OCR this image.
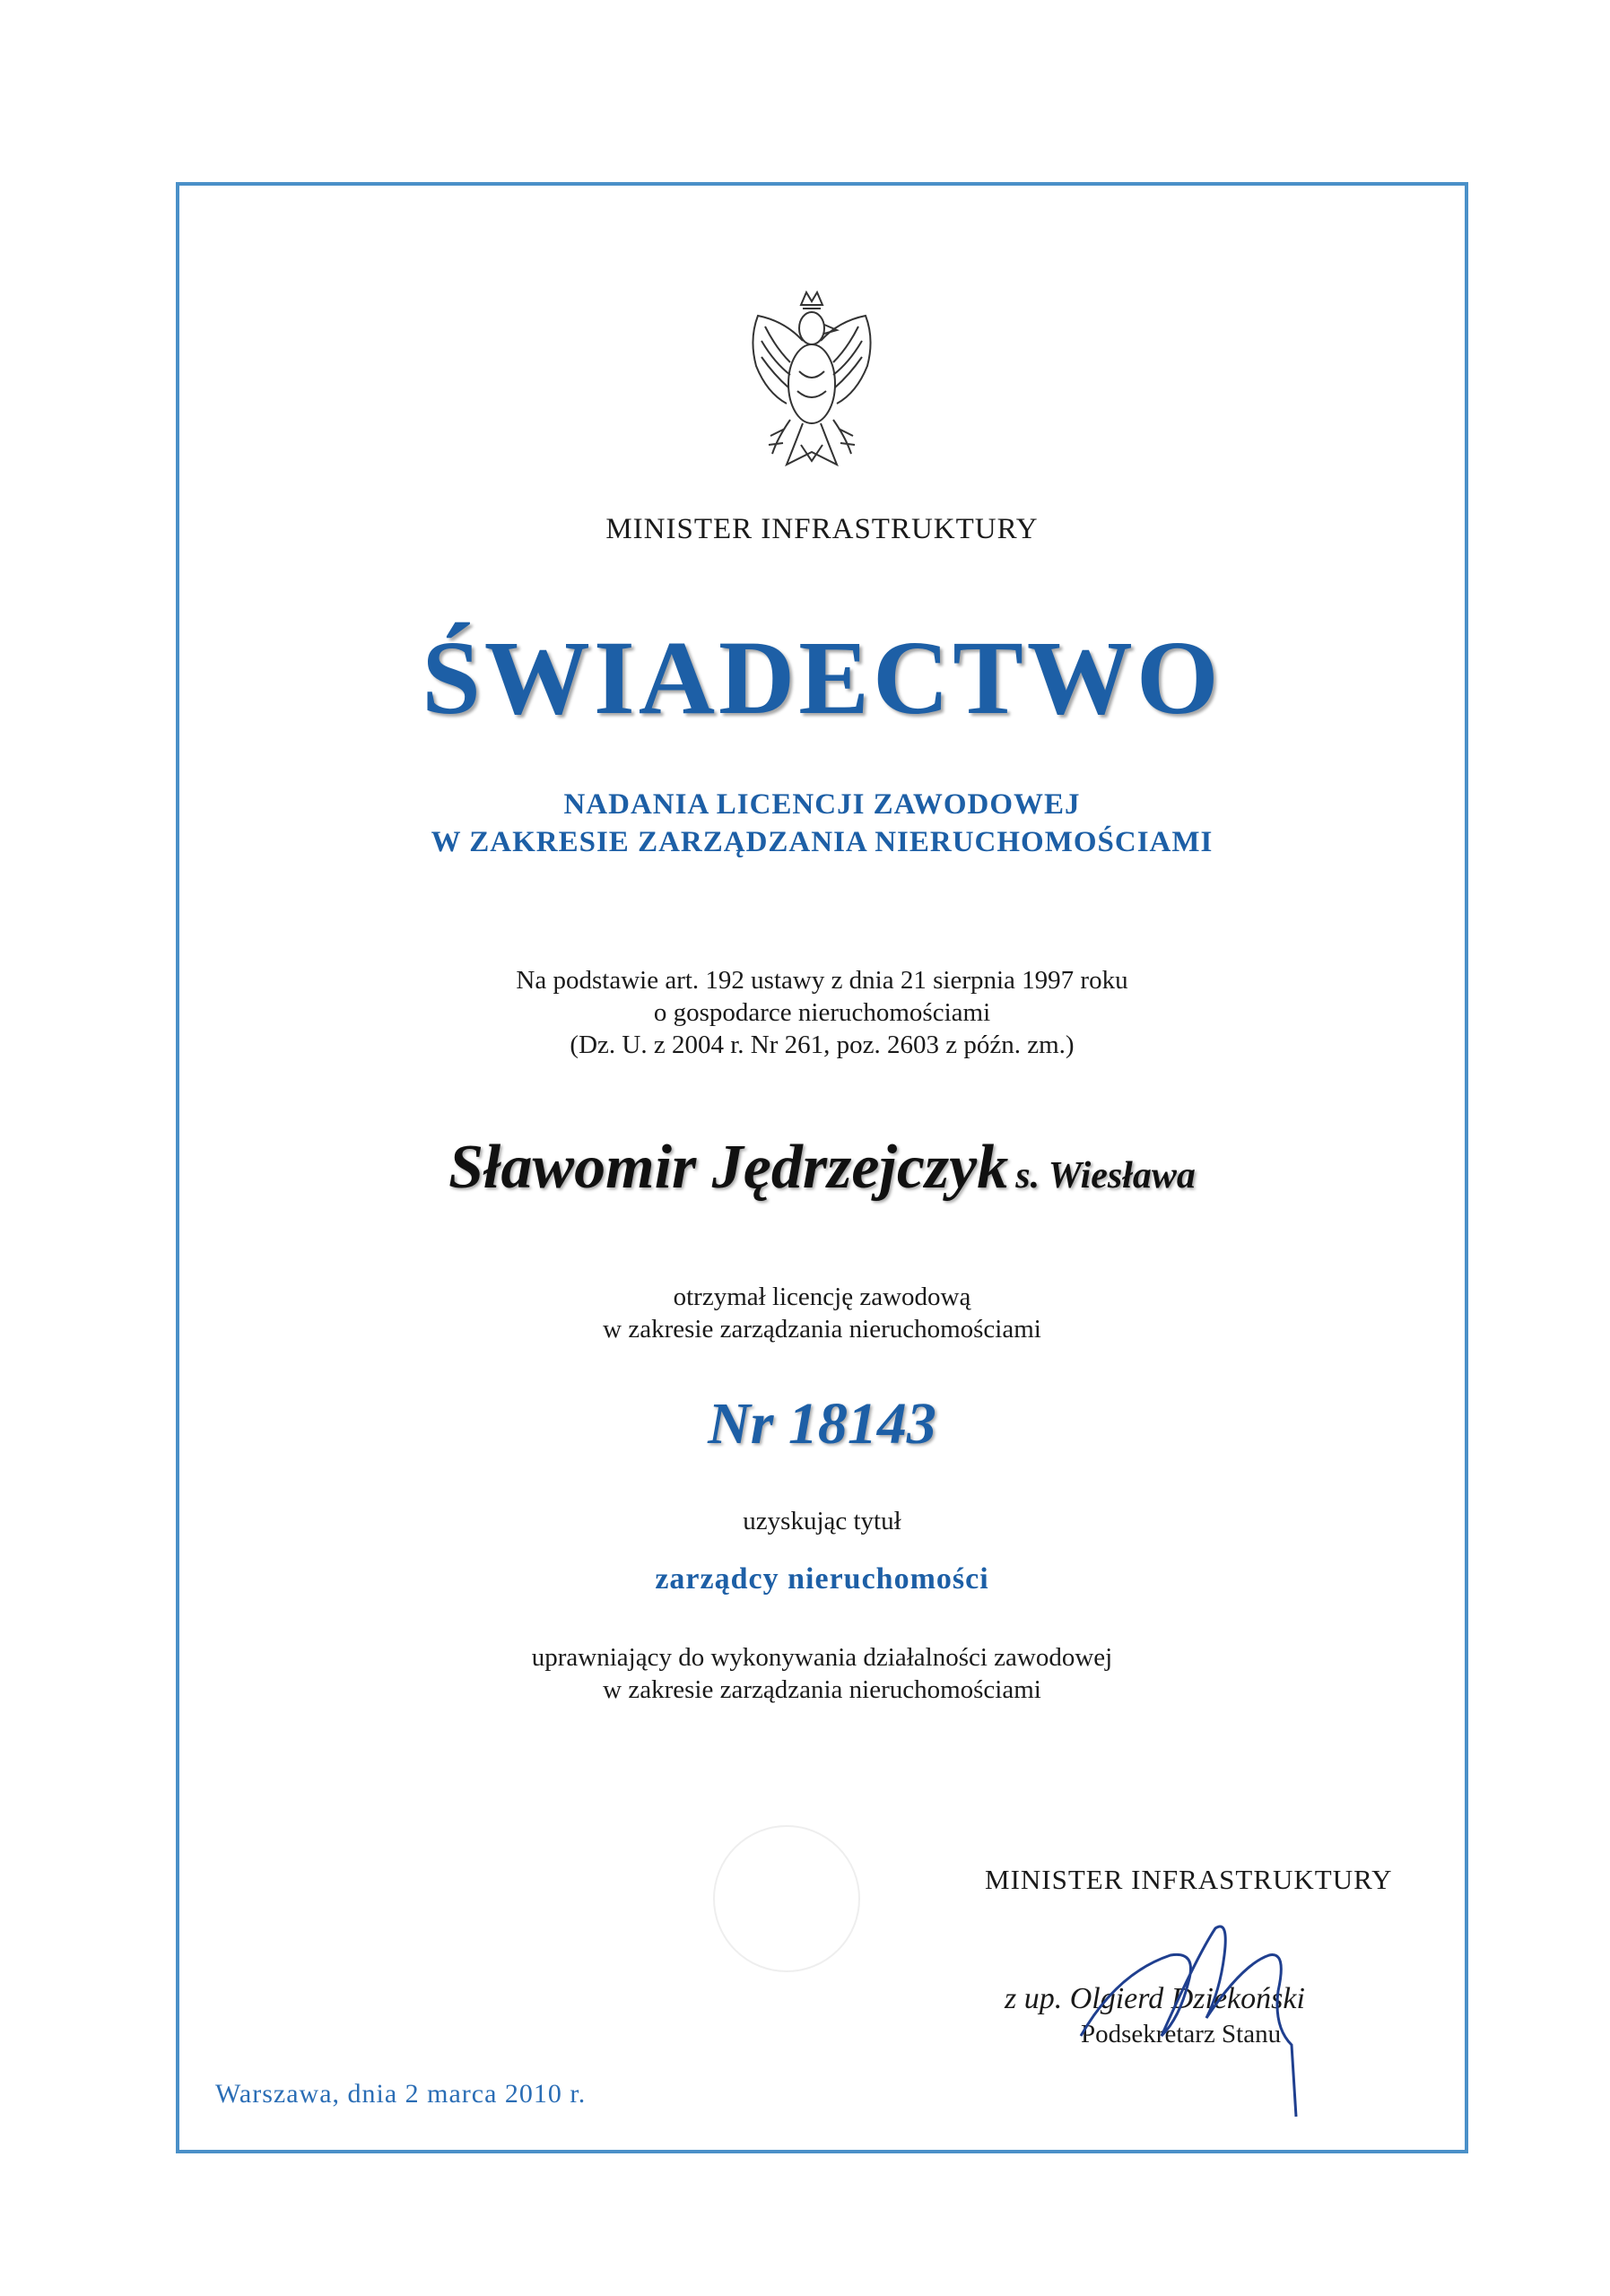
MINISTER INFRASTRUKTURY
ŚWIADECTWO
NADANIA LICENCJI ZAWODOWEJ
W ZAKRESIE ZARZĄDZANIA NIERUCHOMOŚCIAMI
Na podstawie art. 192 ustawy z dnia 21 sierpnia 1997 roku
o gospodarce nieruchomościami
(Dz. U. z 2004 r. Nr 261, poz. 2603 z późn. zm.)
Sławomir Jędrzejczyk s. Wiesława
otrzymał licencję zawodową
w zakresie zarządzania nieruchomościami
Nr 18143
uzyskując tytuł
zarządcy nieruchomości
uprawniający do wykonywania działalności zawodowej
w zakresie zarządzania nieruchomościami
MINISTER INFRASTRUKTURY
z up. Olgierd Dziekoński
Podsekretarz Stanu
Warszawa, dnia 2 marca 2010 r.
